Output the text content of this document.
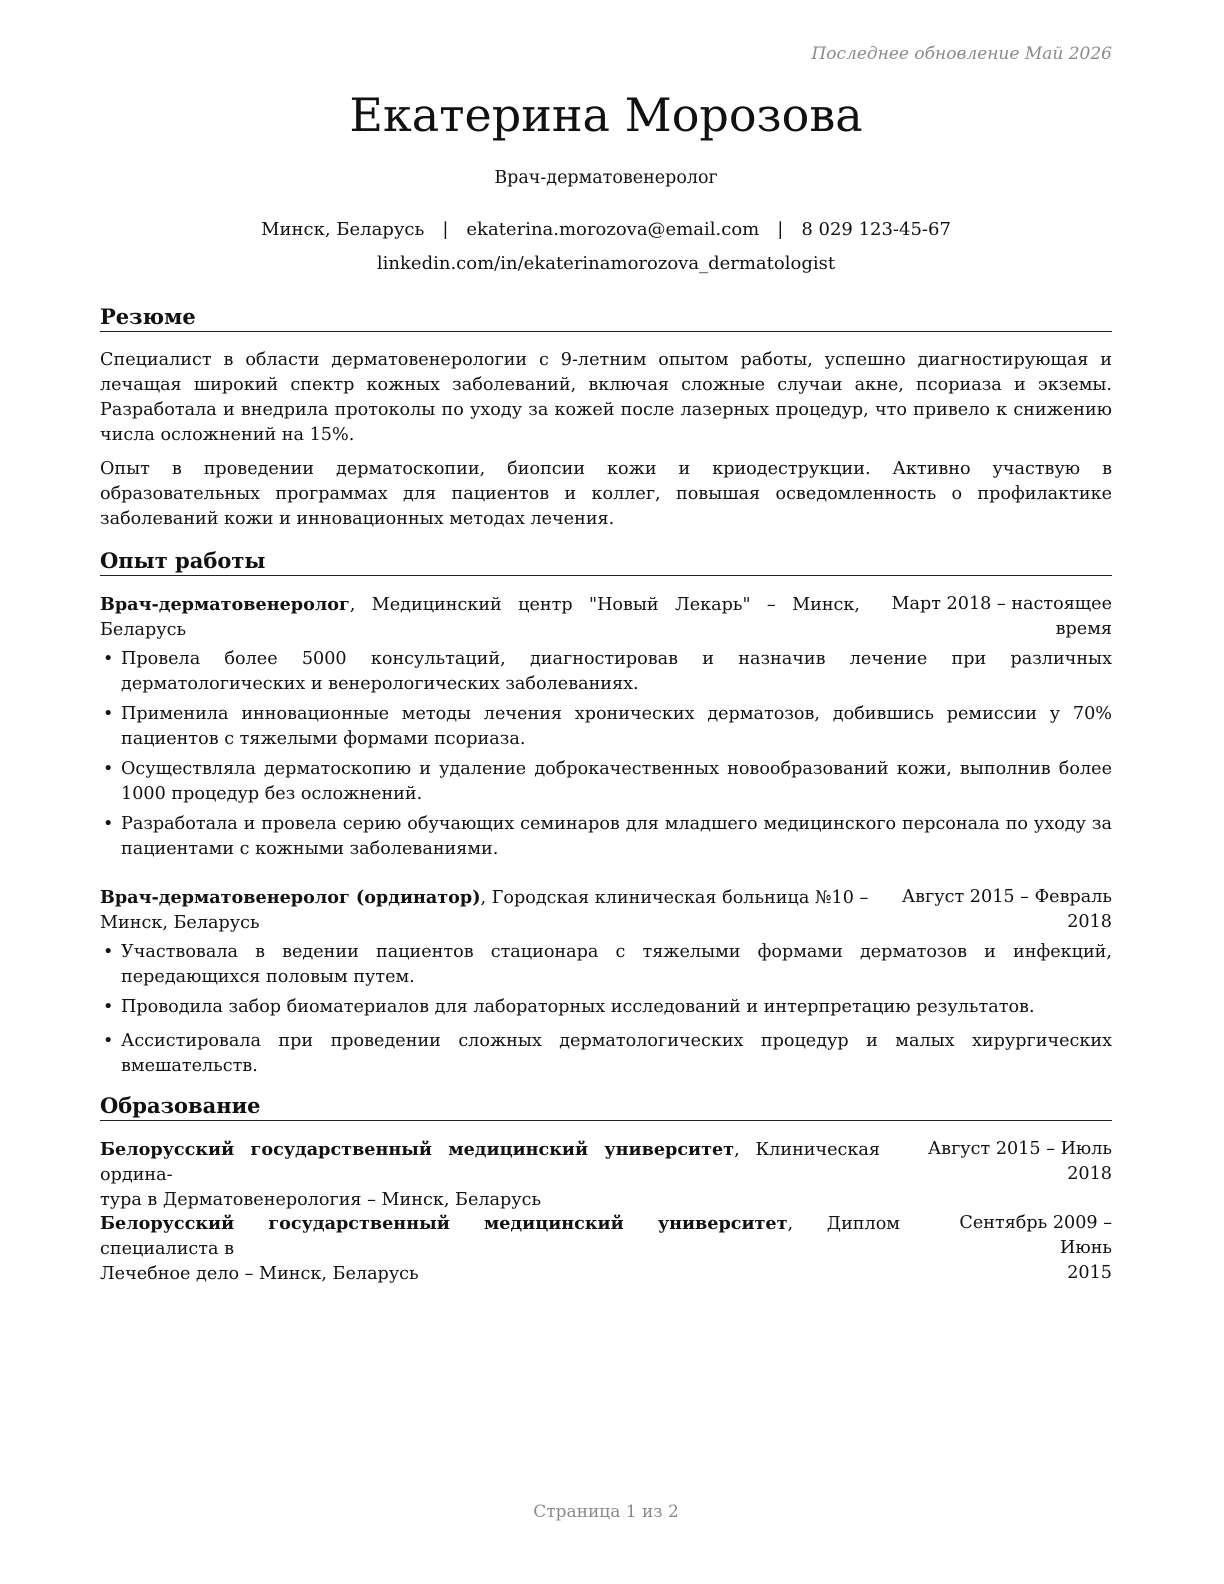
Последнее обновление Май 2026
Екатерина Морозова
Врач-дерматовенеролог
Минск, Беларусь | ekaterina.morozova@email.com | 8 029 123-45-67
linkedin.com/in/ekaterinamorozova_dermatologist
Резюме
Специалист в области дерматовенерологии с 9-летним опытом работы, успешно диагностирующая и лечащая широкий спектр кожных заболеваний, включая сложные случаи акне, псориаза и экземы. Разработала и внедрила протоколы по уходу за кожей после лазерных процедур, что привело к снижению числа осложнений на 15%.
Опыт в проведении дерматоскопии, биопсии кожи и криодеструкции. Активно участвую в образовательных программах для пациентов и коллег, повышая осведомленность о профилактике заболеваний кожи и инновационных методах лечения.
Опыт работы
Врач-дерматовенеролог, Медицинский центр "Новый Лекарь" – Минск, Беларусь
Март 2018 – настоящее
время
• Провела более 5000 консультаций, диагностировав и назначив лечение при различных дерматологических и венерологических заболеваниях.
• Применила инновационные методы лечения хронических дерматозов, добившись ремиссии у 70% пациентов с тяжелыми формами псориаза.
• Осуществляла дерматоскопию и удаление доброкачественных новообразований кожи, выполнив более 1000 процедур без осложнений.
• Разработала и провела серию обучающих семинаров для младшего медицинского персонала по уходу за пациентами с кожными заболеваниями.
Врач-дерматовенеролог (ординатор), Городская клиническая больница №10 –
Минск, Беларусь
Август 2015 – Февраль
2018
• Участвовала в ведении пациентов стационара с тяжелыми формами дерматозов и инфекций, передающихся половым путем.
• Проводила забор биоматериалов для лабораторных исследований и интерпретацию результатов.
• Ассистировала при проведении сложных дерматологических процедур и малых хирургических вмешательств.
Образование
Белорусский государственный медицинский университет, Клиническая ордина-
тура в Дерматовенерология – Минск, Беларусь
Август 2015 – Июль 2018
Белорусский государственный медицинский университет, Диплом специалиста в
Лечебное дело – Минск, Беларусь
Сентябрь 2009 – Июнь
2015
Страница 1 из 2
